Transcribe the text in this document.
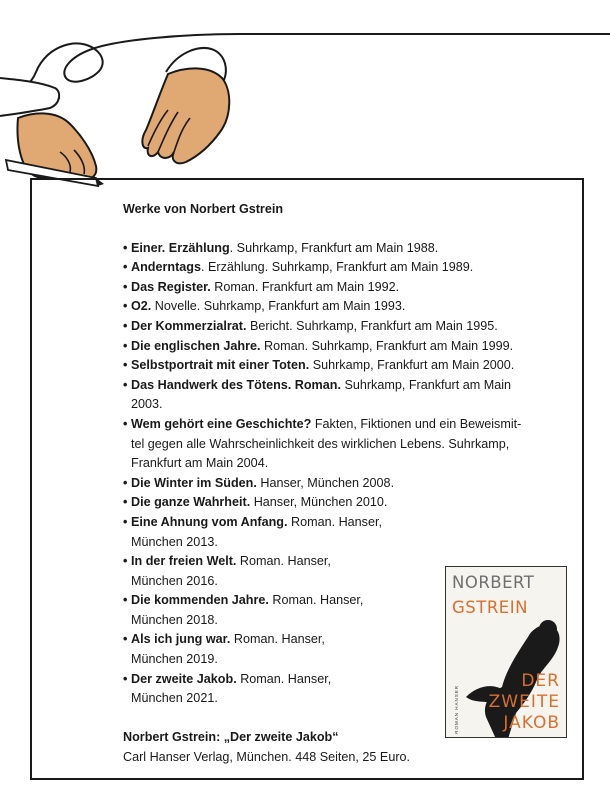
Werke von Norbert Gstrein
• Einer. Erzählung. Suhrkamp, Frankfurt am Main 1988.
• Anderntags. Erzählung. Suhrkamp, Frankfurt am Main 1989.
• Das Register. Roman. Frankfurt am Main 1992.
• O2. Novelle. Suhrkamp, Frankfurt am Main 1993.
• Der Kommerzialrat. Bericht. Suhrkamp, Frankfurt am Main 1995.
• Die englischen Jahre. Roman. Suhrkamp, Frankfurt am Main 1999.
• Selbstportrait mit einer Toten. Suhrkamp, Frankfurt am Main 2000.
• Das Handwerk des Tötens. Roman. Suhrkamp, Frankfurt am Main
2003.
• Wem gehört eine Geschichte? Fakten, Fiktionen und ein Beweismit-
tel gegen alle Wahrscheinlichkeit des wirklichen Lebens. Suhrkamp,
Frankfurt am Main 2004.
• Die Winter im Süden. Hanser, München 2008.
• Die ganze Wahrheit. Hanser, München 2010.
• Eine Ahnung vom Anfang. Roman. Hanser,
München 2013.
• In der freien Welt. Roman. Hanser,
München 2016.
• Die kommenden Jahre. Roman. Hanser,
München 2018.
• Als ich jung war. Roman. Hanser,
München 2019.
• Der zweite Jakob. Roman. Hanser,
München 2021.
Norbert Gstrein: „Der zweite Jakob“
Carl Hanser Verlag, München. 448 Seiten, 25 Euro.
NORBERT
GSTREIN
DER
ZWEITE
JAKOB
ROMAN HANSER
